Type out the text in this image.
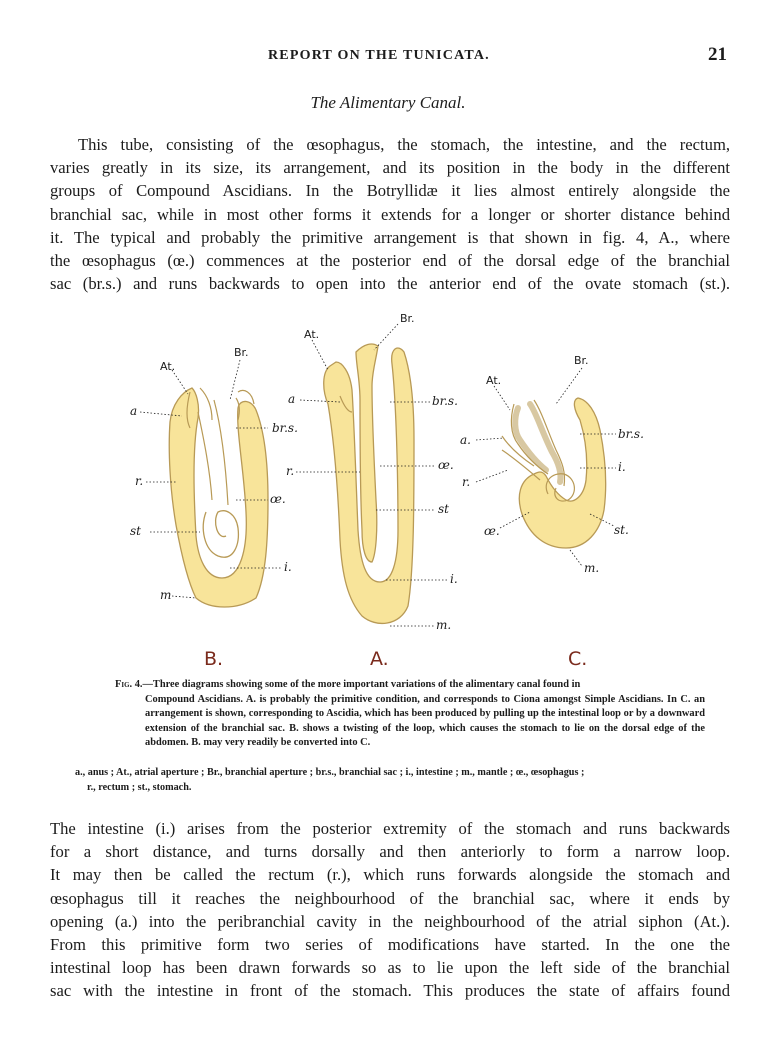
REPORT ON THE TUNICATA.	21
The Alimentary Canal.
This tube, consisting of the œsophagus, the stomach, the intestine, and the rectum,
varies greatly in its size, its arrangement, and its position in the body in the different
groups of Compound Ascidians. In the Botryllidæ it lies almost entirely alongside the
branchial sac, while in most other forms it extends for a longer or shorter distance behind
it. The typical and probably the primitive arrangement is that shown in fig. 4, A., where
the œsophagus (œ.) commences at the posterior end of the dorsal edge of the branchial
sac (br.s.) and runs backwards to open into the anterior end of the ovate stomach (st.).
At.
Br.
a
br.s.
r.
œ.
st
i.
m
B.
At.
Br.
a	br.s.
r.	œ.
st
i.
m.
A.
At.
Br.
a.	br.s.
r.
i.
œ.	st.
m.
C.
Fig. 4.—Three diagrams showing some of the more important variations of the alimentary canal found in
Compound Ascidians. A. is probably the primitive condition, and corresponds to Ciona amongst Simple Ascidians. In C. an arrangement is shown, corresponding to Ascidia, which has been produced by pulling up the intestinal loop or by a downward extension of the branchial sac. B. shows a twisting of the loop, which causes the stomach to lie on the dorsal edge of the abdomen. B. may very readily be converted into C.
a., anus ; At., atrial aperture ; Br., branchial aperture ; br.s., branchial sac ; i., intestine ; m., mantle ; œ., œsophagus ;
r., rectum ; st., stomach.
The intestine (i.) arises from the posterior extremity of the stomach and runs backwards
for a short distance, and turns dorsally and then anteriorly to form a narrow loop.
It may then be called the rectum (r.), which runs forwards alongside the stomach and
œsophagus till it reaches the neighbourhood of the branchial sac, where it ends by
opening (a.) into the peribranchial cavity in the neighbourhood of the atrial siphon (At.).
From this primitive form two series of modifications have started. In the one the
intestinal loop has been drawn forwards so as to lie upon the left side of the branchial
sac with the intestine in front of the stomach. This produces the state of affairs found
